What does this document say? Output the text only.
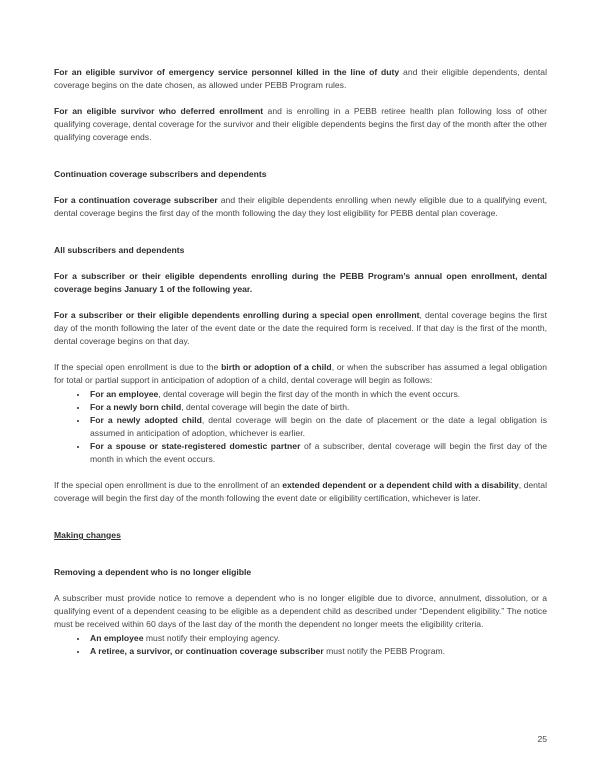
For an eligible survivor of emergency service personnel killed in the line of duty and their eligible dependents, dental coverage begins on the date chosen, as allowed under PEBB Program rules.

For an eligible survivor who deferred enrollment and is enrolling in a PEBB retiree health plan following loss of other qualifying coverage, dental coverage for the survivor and their eligible dependents begins the first day of the month after the other qualifying coverage ends.

Continuation coverage subscribers and dependents

For a continuation coverage subscriber and their eligible dependents enrolling when newly eligible due to a qualifying event, dental coverage begins the first day of the month following the day they lost eligibility for PEBB dental plan coverage.

All subscribers and dependents

For a subscriber or their eligible dependents enrolling during the PEBB Program’s annual open enrollment, dental coverage begins January 1 of the following year.

For a subscriber or their eligible dependents enrolling during a special open enrollment, dental coverage begins the first day of the month following the later of the event date or the date the required form is received. If that day is the first of the month, dental coverage begins on that day.

If the special open enrollment is due to the birth or adoption of a child, or when the subscriber has assumed a legal obligation for total or partial support in anticipation of adoption of a child, dental coverage will begin as follows:

• For an employee, dental coverage will begin the first day of the month in which the event occurs.
• For a newly born child, dental coverage will begin the date of birth.
• For a newly adopted child, dental coverage will begin on the date of placement or the date a legal obligation is assumed in anticipation of adoption, whichever is earlier.
• For a spouse or state-registered domestic partner of a subscriber, dental coverage will begin the first day of the month in which the event occurs.

If the special open enrollment is due to the enrollment of an extended dependent or a dependent child with a disability, dental coverage will begin the first day of the month following the event date or eligibility certification, whichever is later.

Making changes

Removing a dependent who is no longer eligible

A subscriber must provide notice to remove a dependent who is no longer eligible due to divorce, annulment, dissolution, or a qualifying event of a dependent ceasing to be eligible as a dependent child as described under “Dependent eligibility.” The notice must be received within 60 days of the last day of the month the dependent no longer meets the eligibility criteria.

• An employee must notify their employing agency.
• A retiree, a survivor, or continuation coverage subscriber must notify the PEBB Program.
25
